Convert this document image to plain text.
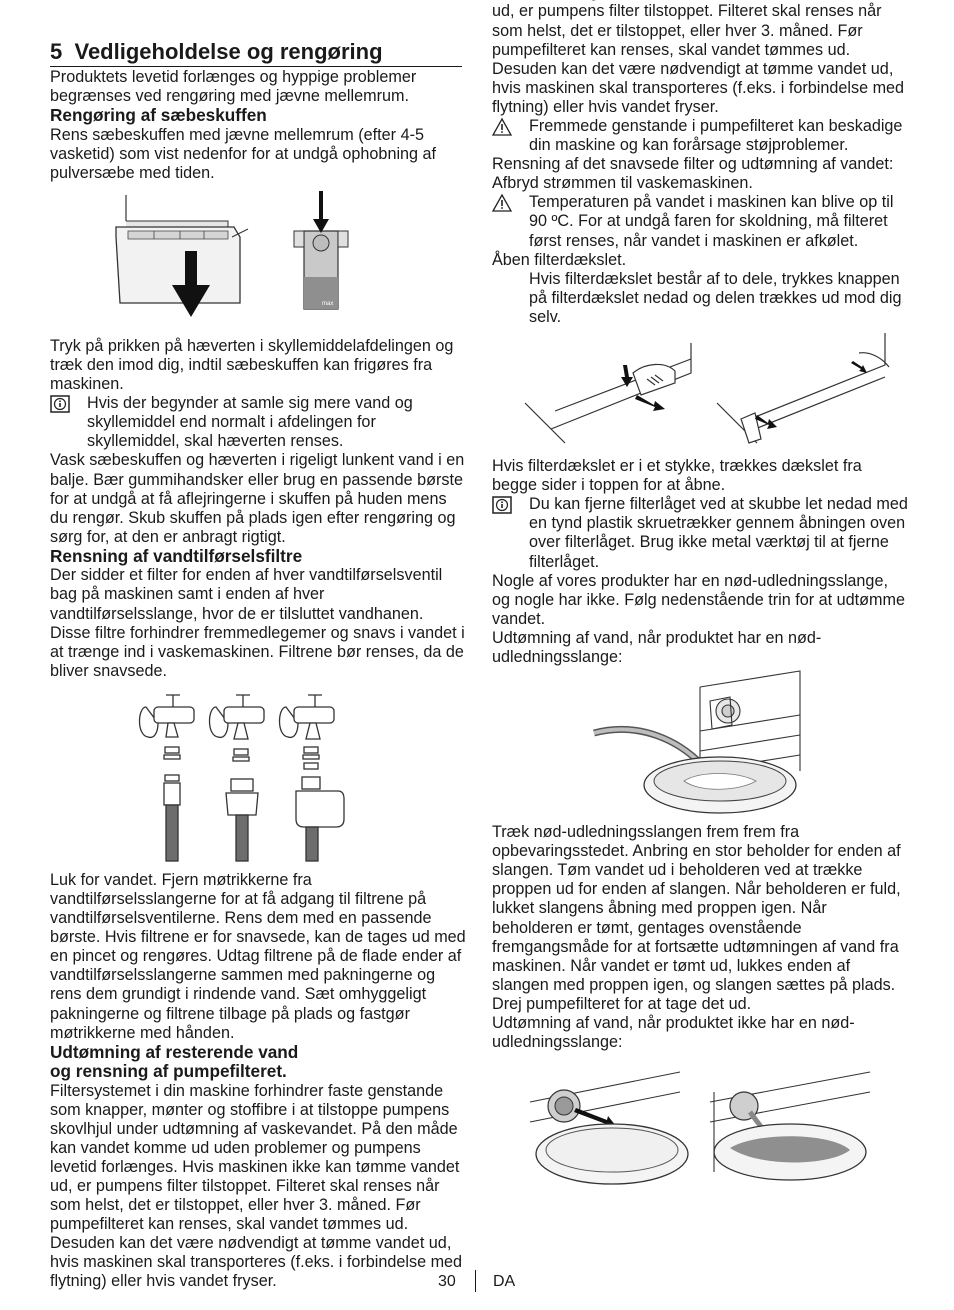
5 Vedligeholdelse og rengøring

Produktets levetid forlænges og hyppige problemer begrænses ved rengøring med jævne mellemrum.

Rengøring af sæbeskuffen

Rens sæbeskuffen med jævne mellemrum (efter 4-5 vasketid) som vist nedenfor for at undgå ophobning af pulversæbe med tiden.

max

Tryk på prikken på hæverten i skyllemiddelafdelingen og træk den imod dig, indtil sæbeskuffen kan frigøres fra maskinen.

Hvis der begynder at samle sig mere vand og skyllemiddel end normalt i afdelingen for skyllemiddel, skal hæverten renses.

Vask sæbeskuffen og hæverten i rigeligt lunkent vand i en balje. Bær gummihandsker eller brug en passende børste for at undgå at få aflejringerne i skuffen på huden mens du rengør. Skub skuffen på plads igen efter rengøring og sørg for, at den er anbragt rigtigt.

Rensning af vandtilførselsfiltre

Der sidder et filter for enden af hver vandtilførselsventil bag på maskinen samt i enden af hver vandtilførselsslange, hvor de er tilsluttet vandhanen. Disse filtre forhindrer fremmedlegemer og snavs i vandet i at trænge ind i vaskemaskinen. Filtrene bør renses, da de bliver snavsede.

Luk for vandet. Fjern møtrikkerne fra vandtilførselsslangerne for at få adgang til filtrene på vandtilførselsventilerne. Rens dem med en passende børste. Hvis filtrene er for snavsede, kan de tages ud med en pincet og rengøres. Udtag filtrene på de flade ender af vandtilførselsslangerne sammen med pakningerne og rens dem grundigt i rindende vand. Sæt omhyggeligt pakningerne og filtrene tilbage på plads og fastgør møtrikkerne med hånden.

Udtømning af resterende vand
og rensning af pumpefilteret.

Filtersystemet i din maskine forhindrer faste genstande som knapper, mønter og stoffibre i at tilstoppe pumpens skovlhjul under udtømning af vaskevandet. På den måde kan vandet komme ud uden problemer og pumpens levetid forlænges. Hvis maskinen ikke kan tømme vandet ud, er pumpens filter tilstoppet. Filteret skal renses når som helst, det er tilstoppet, eller hver 3. måned. Før pumpefilteret kan renses, skal vandet tømmes ud. Desuden kan det være nødvendigt at tømme vandet ud, hvis maskinen skal transporteres (f.eks. i forbindelse med flytning) eller hvis vandet fryser.

ud, er pumpens filter tilstoppet. Filteret skal renses når som helst, det er tilstoppet, eller hver 3. måned. Før pumpefilteret kan renses, skal vandet tømmes ud. Desuden kan det være nødvendigt at tømme vandet ud, hvis maskinen skal transporteres (f.eks. i forbindelse med flytning) eller hvis vandet fryser.

Fremmede genstande i pumpefilteret kan beskadige din maskine og kan forårsage støjproblemer.

Rensning af det snavsede filter og udtømning af vandet:

Afbryd strømmen til vaskemaskinen.

Temperaturen på vandet i maskinen kan blive op til 90 ºC. For at undgå faren for skoldning, må filteret først renses, når vandet i maskinen er afkølet.

Åben filterdækslet.

Hvis filterdækslet består af to dele, trykkes knappen på filterdækslet nedad og delen trækkes ud mod dig selv.

Hvis filterdækslet er i et stykke, trækkes dækslet fra begge sider i toppen for at åbne.

Du kan fjerne filterlåget ved at skubbe let nedad med en tynd plastik skruetrækker gennem åbningen oven over filterlåget. Brug ikke metal værktøj til at fjerne filterlåget.

Nogle af vores produkter har en nød-udledningsslange, og nogle har ikke. Følg nedenstående trin for at udtømme vandet.

Udtømning af vand, når produktet har en nød-udledningsslange:

Træk nød-udledningsslangen frem frem fra opbevaringsstedet. Anbring en stor beholder for enden af slangen. Tøm vandet ud i beholderen ved at trække proppen ud for enden af slangen. Når beholderen er fuld, lukket slangens åbning med proppen igen. Når beholderen er tømt, gentages ovenstående fremgangsmåde for at fortsætte udtømningen af vand fra maskinen. Når vandet er tømt ud, lukkes enden af slangen med proppen igen, og slangen sættes på plads. Drej pumpefilteret for at tage det ud.

Udtømning af vand, når produktet ikke har en nød-udledningsslange:

30 DA
